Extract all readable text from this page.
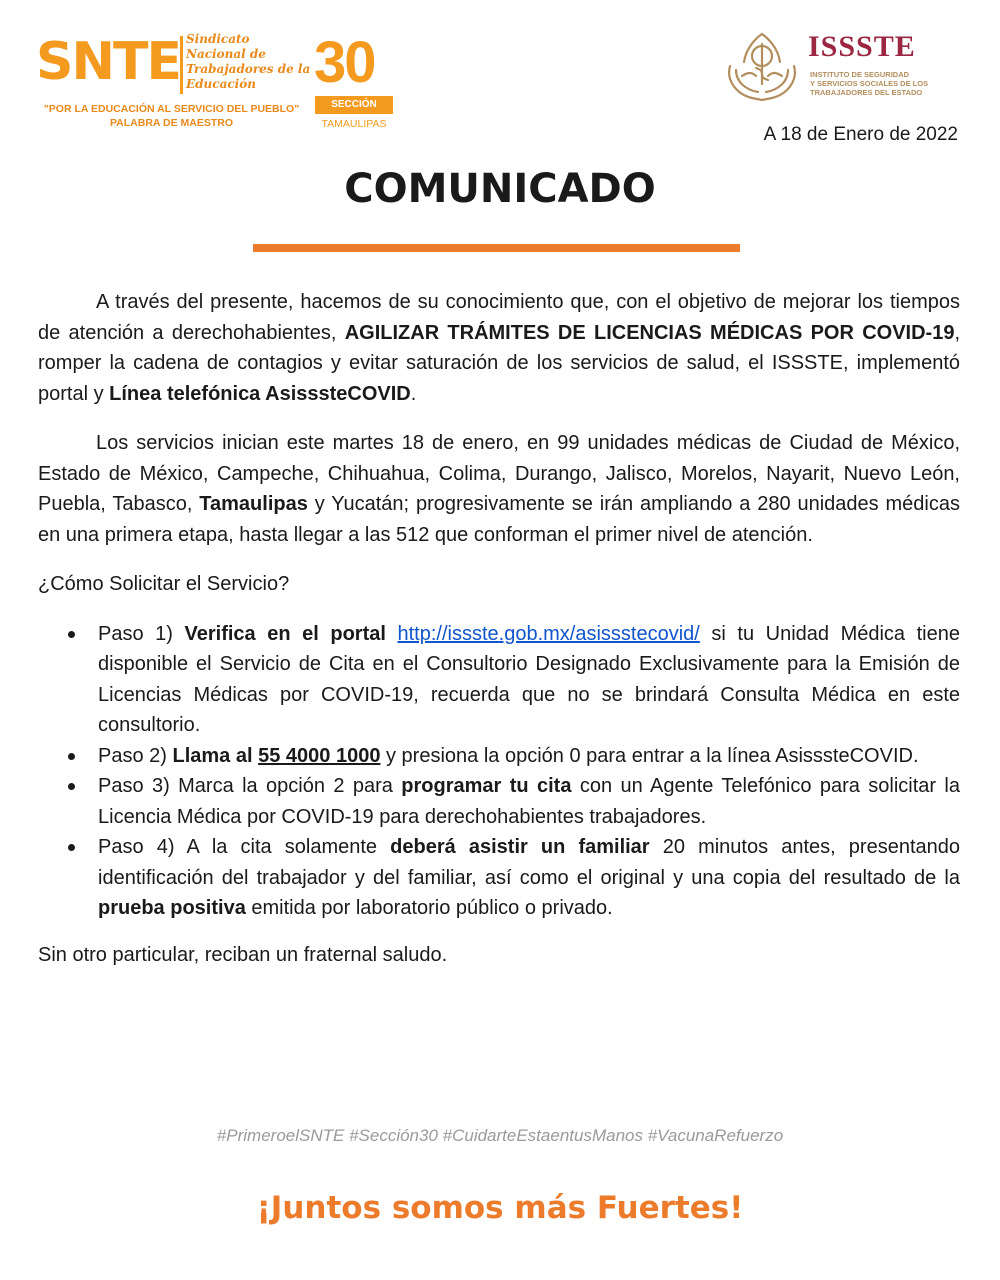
SNTE Sindicato
Nacional de
Trabajadores de la
Educación
"POR LA EDUCACIÓN AL SERVICIO DEL PUEBLO"
PALABRA DE MAESTRO
30
SECCIÓN
TAMAULIPAS
ISSSTE
INSTITUTO DE SEGURIDAD
Y SERVICIOS SOCIALES DE LOS
TRABAJADORES DEL ESTADO
A 18 de Enero de 2022
COMUNICADO

A través del presente, hacemos de su conocimiento que, con el objetivo de mejorar los tiempos de atención a derechohabientes, AGILIZAR TRÁMITES DE LICENCIAS MÉDICAS POR COVID-19, romper la cadena de contagios y evitar saturación de los servicios de salud, el ISSSTE, implementó portal y Línea telefónica AsisssteCOVID.

Los servicios inician este martes 18 de enero, en 99 unidades médicas de Ciudad de México, Estado de México, Campeche, Chihuahua, Colima, Durango, Jalisco, Morelos, Nayarit, Nuevo León, Puebla, Tabasco, Tamaulipas y Yucatán; progresivamente se irán ampliando a 280 unidades médicas en una primera etapa, hasta llegar a las 512 que conforman el primer nivel de atención.

¿Cómo Solicitar el Servicio?

Paso 1) Verifica en el portal http://issste.gob.mx/asissstecovid/ si tu Unidad Médica tiene disponible el Servicio de Cita en el Consultorio Designado Exclusivamente para la Emisión de Licencias Médicas por COVID-19, recuerda que no se brindará Consulta Médica en este consultorio.
Paso 2) Llama al 55 4000 1000 y presiona la opción 0 para entrar a la línea AsisssteCOVID.
Paso 3) Marca la opción 2 para programar tu cita con un Agente Telefónico para solicitar la Licencia Médica por COVID-19 para derechohabientes trabajadores.
Paso 4) A la cita solamente deberá asistir un familiar 20 minutos antes, presentando identificación del trabajador y del familiar, así como el original y una copia del resultado de la prueba positiva emitida por laboratorio público o privado.

Sin otro particular, reciban un fraternal saludo.

#PrimeroelSNTE #Sección30 #CuidarteEstaentusManos #VacunaRefuerzo
¡Juntos somos más Fuertes!
